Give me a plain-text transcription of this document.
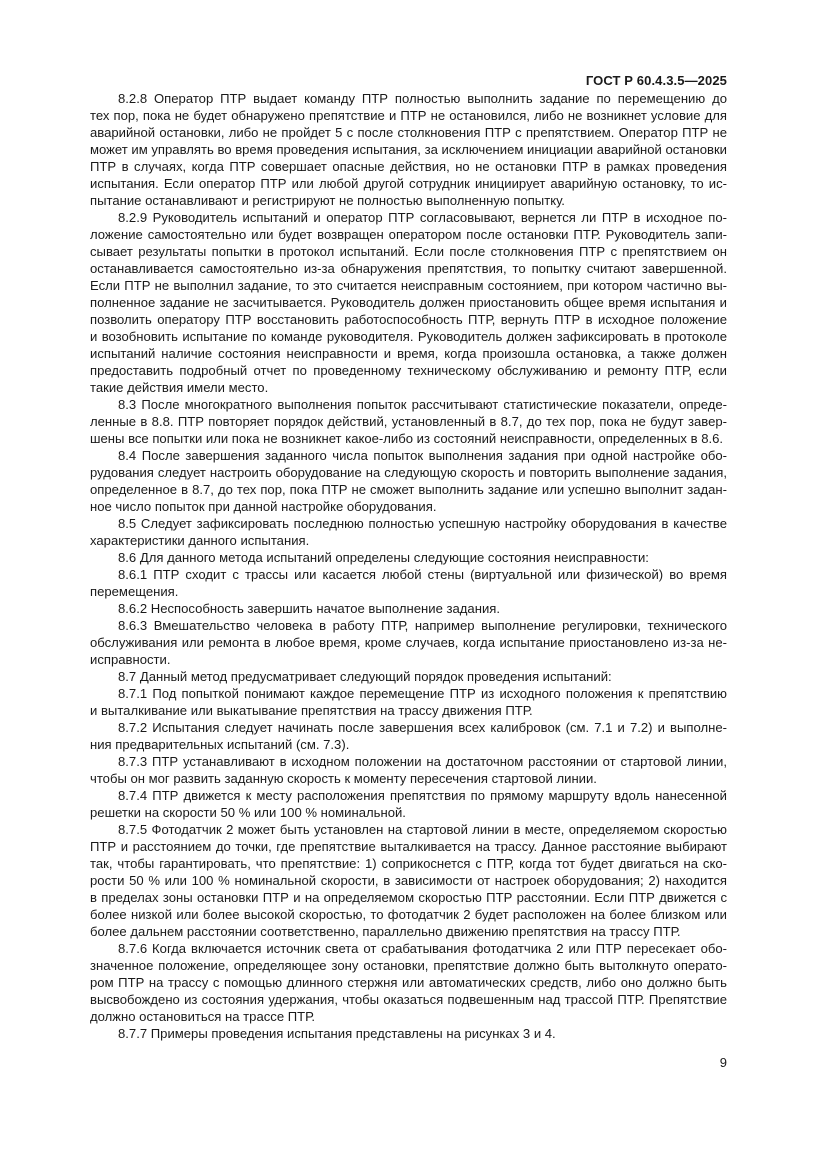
ГОСТ Р 60.4.3.5—2025
8.2.8 Оператор ПТР выдает команду ПТР полностью выполнить задание по перемещению до
тех пор, пока не будет обнаружено препятствие и ПТР не остановился, либо не возникнет условие для
аварийной остановки, либо не пройдет 5 с после столкновения ПТР с препятствием. Оператор ПТР не
может им управлять во время проведения испытания, за исключением инициации аварийной остановки
ПТР в случаях, когда ПТР совершает опасные действия, но не остановки ПТР в рамках проведения
испытания. Если оператор ПТР или любой другой сотрудник инициирует аварийную остановку, то ис-
пытание останавливают и регистрируют не полностью выполненную попытку.
8.2.9 Руководитель испытаний и оператор ПТР согласовывают, вернется ли ПТР в исходное по-
ложение самостоятельно или будет возвращен оператором после остановки ПТР. Руководитель запи-
сывает результаты попытки в протокол испытаний. Если после столкновения ПТР с препятствием он
останавливается самостоятельно из-за обнаружения препятствия, то попытку считают завершенной.
Если ПТР не выполнил задание, то это считается неисправным состоянием, при котором частично вы-
полненное задание не засчитывается. Руководитель должен приостановить общее время испытания и
позволить оператору ПТР восстановить работоспособность ПТР, вернуть ПТР в исходное положение
и возобновить испытание по команде руководителя. Руководитель должен зафиксировать в протоколе
испытаний наличие состояния неисправности и время, когда произошла остановка, а также должен
предоставить подробный отчет по проведенному техническому обслуживанию и ремонту ПТР, если
такие действия имели место.
8.3 После многократного выполнения попыток рассчитывают статистические показатели, опреде-
ленные в 8.8. ПТР повторяет порядок действий, установленный в 8.7, до тех пор, пока не будут завер-
шены все попытки или пока не возникнет какое-либо из состояний неисправности, определенных в 8.6.
8.4 После завершения заданного числа попыток выполнения задания при одной настройке обо-
рудования следует настроить оборудование на следующую скорость и повторить выполнение задания,
определенное в 8.7, до тех пор, пока ПТР не сможет выполнить задание или успешно выполнит задан-
ное число попыток при данной настройке оборудования.
8.5 Следует зафиксировать последнюю полностью успешную настройку оборудования в качестве
характеристики данного испытания.
8.6 Для данного метода испытаний определены следующие состояния неисправности:
8.6.1 ПТР сходит с трассы или касается любой стены (виртуальной или физической) во время
перемещения.
8.6.2 Неспособность завершить начатое выполнение задания.
8.6.3 Вмешательство человека в работу ПТР, например выполнение регулировки, технического
обслуживания или ремонта в любое время, кроме случаев, когда испытание приостановлено из-за не-
исправности.
8.7 Данный метод предусматривает следующий порядок проведения испытаний:
8.7.1 Под попыткой понимают каждое перемещение ПТР из исходного положения к препятствию
и выталкивание или выкатывание препятствия на трассу движения ПТР.
8.7.2 Испытания следует начинать после завершения всех калибровок (см. 7.1 и 7.2) и выполне-
ния предварительных испытаний (см. 7.3).
8.7.3 ПТР устанавливают в исходном положении на достаточном расстоянии от стартовой линии,
чтобы он мог развить заданную скорость к моменту пересечения стартовой линии.
8.7.4 ПТР движется к месту расположения препятствия по прямому маршруту вдоль нанесенной
решетки на скорости 50 % или 100 % номинальной.
8.7.5 Фотодатчик 2 может быть установлен на стартовой линии в месте, определяемом скоростью
ПТР и расстоянием до точки, где препятствие выталкивается на трассу. Данное расстояние выбирают
так, чтобы гарантировать, что препятствие: 1) соприкоснется с ПТР, когда тот будет двигаться на ско-
рости 50 % или 100 % номинальной скорости, в зависимости от настроек оборудования; 2) находится
в пределах зоны остановки ПТР и на определяемом скоростью ПТР расстоянии. Если ПТР движется с
более низкой или более высокой скоростью, то фотодатчик 2 будет расположен на более близком или
более дальнем расстоянии соответственно, параллельно движению препятствия на трассу ПТР.
8.7.6 Когда включается источник света от срабатывания фотодатчика 2 или ПТР пересекает обо-
значенное положение, определяющее зону остановки, препятствие должно быть вытолкнуто операто-
ром ПТР на трассу с помощью длинного стержня или автоматических средств, либо оно должно быть
высвобождено из состояния удержания, чтобы оказаться подвешенным над трассой ПТР. Препятствие
должно остановиться на трассе ПТР.
8.7.7 Примеры проведения испытания представлены на рисунках 3 и 4.
9
